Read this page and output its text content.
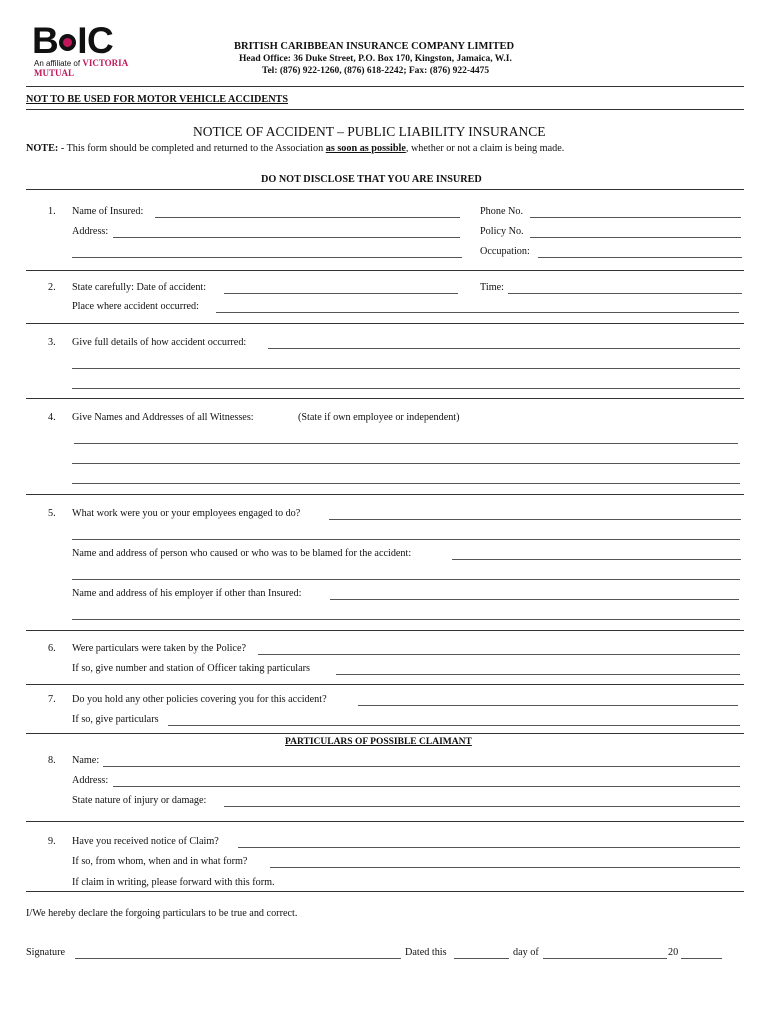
B IC
An affiliate of VICTORIA MUTUAL
BRITISH CARIBBEAN INSURANCE COMPANY LIMITED
Head Office: 36 Duke Street, P.O. Box 170, Kingston, Jamaica, W.I.
Tel: (876) 922-1260, (876) 618-2242; Fax: (876) 922-4475
NOT TO BE USED FOR MOTOR VEHICLE ACCIDENTS
NOTICE OF ACCIDENT – PUBLIC LIABILITY INSURANCE
NOTE: - This form should be completed and returned to the Association as soon as possible, whether or not a claim is being made.
DO NOT DISCLOSE THAT YOU ARE INSURED
1. Name of Insured:	Phone No.
Address:	Policy No.
Occupation:
2. State carefully: Date of accident:	Time:
Place where accident occurred:
3. Give full details of how accident occurred:
4. Give Names and Addresses of all Witnesses:	(State if own employee or independent)
5. What work were you or your employees engaged to do?
Name and address of person who caused or who was to be blamed for the accident:
Name and address of his employer if other than Insured:
6. Were particulars were taken by the Police?
If so, give number and station of Officer taking particulars
7. Do you hold any other policies covering you for this accident?
If so, give particulars
PARTICULARS OF POSSIBLE CLAIMANT
8. Name:
Address:
State nature of injury or damage:
9. Have you received notice of Claim?
If so, from whom, when and in what form?
If claim in writing, please forward with this form.
I/We hereby declare the forgoing particulars to be true and correct.
Signature	Dated this	day of	20
